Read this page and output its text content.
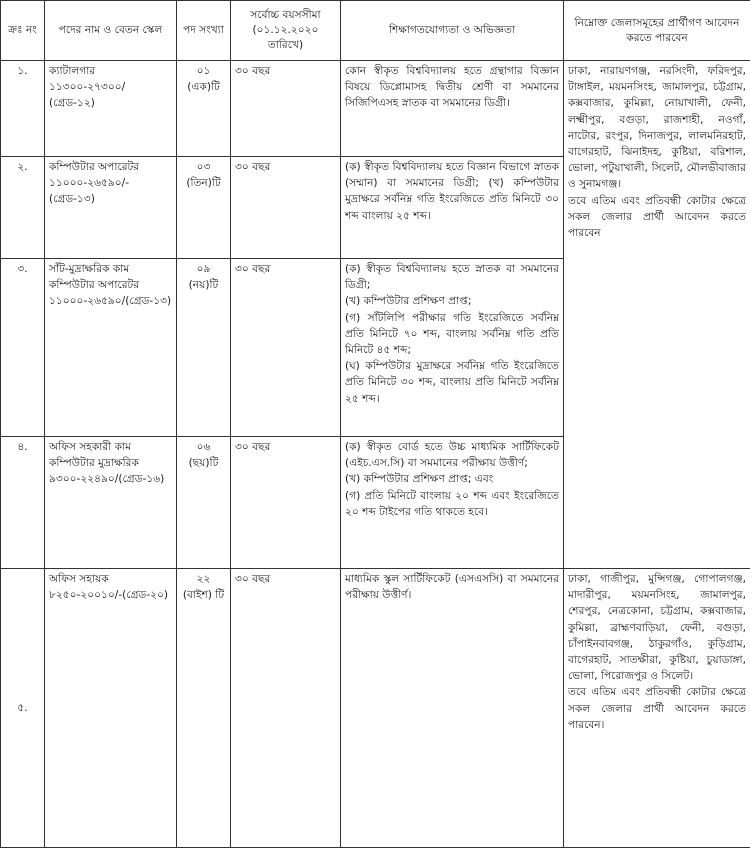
ক্রঃ নং	পদের নাম ও বেতন স্কেল	পদ সংখ্যা	সর্বোচ্চ বয়সসীমা (০১.১২.২০২০ তারিখে)	শিক্ষাগতযোগ্যতা ও অভিজ্ঞতা	নিম্নোক্ত জেলাসমূহের প্রার্থীগণ আবেদন করতে পারবেন
১.	ক্যাটালগার ১১৩০০-২৭৩০০/ (গ্রেড-১২)	০১ (এক)টি	৩০ বছর	কোন স্বীকৃত বিশ্ববিদ্যালয় হতে গ্রন্থাগার বিজ্ঞান বিষয়ে ডিপ্লোমাসহ দ্বিতীয় শ্রেণী বা সমমানের সিজিপিএসহ স্নাতক বা সমমানের ডিগ্রী।	ঢাকা, নারায়ণগঞ্জ, নরসিংদী, ফরিদপুর, টাঙ্গাইল, ময়মনসিংহ, জামালপুর, চট্টগ্রাম, কক্সবাজার, কুমিল্লা, নোয়াখালী, ফেনী, লক্ষ্মীপুর, বগুড়া, রাজশাহী, নওগাঁ, নাটোর, রংপুর, দিনাজপুর, লালমনিরহাট, বাগেরহাট, ঝিনাইদহ, কুষ্টিয়া, বরিশাল, ভোলা, পটুয়াখালী, সিলেট, মৌলভীবাজার ও সুনামগঞ্জ।
তবে এতিম এবং প্রতিবন্ধী কোটার ক্ষেত্রে সকল জেলার প্রার্থী আবেদন করতে পারবেন

২.	কম্পিউটার অপারেটর ১১০০০-২৬৫৯০/-(গ্রেড-১৩)	০৩ (তিন)টি	৩০ বছর	(ক) স্বীকৃত বিশ্ববিদ্যালয় হতে বিজ্ঞান বিভাগে স্নাতক (সম্মান) বা সমমানের ডিগ্রী; (খ) কম্পিউটার মুদ্রাক্ষরে সর্বনিম্ন গতি ইংরেজিতে প্রতি মিনিটে ৩০ শব্দ বাংলায় ২৫ শব্দ।	

৩.	সাঁট-মুদ্রাক্ষরিক কাম কম্পিউটার অপারেটর ১১০০০-২৬৫৯০/(গ্রেড-১৩)	০৯ (নয়)টি	৩০ বছর	(ক) স্বীকৃত বিশ্ববিদ্যালয় হতে স্নাতক বা সমমানের ডিগ্রী;
(খ) কম্পিউটার প্রশিক্ষণ প্রাপ্ত;
(গ) সাঁটলিপি পরীক্ষার গতি ইংরেজিতে সর্বনিম্ন প্রতি মিনিটে ৭০ শব্দ, বাংলায় সর্বনিম্ন গতি প্রতি মিনিটে ৪৫ শব্দ;
(ঘ) কম্পিউটার মুদ্রাক্ষরে সর্বনিম্ন গতি ইংরেজিতে প্রতি মিনিটে ৩০ শব্দ, বাংলায় প্রতি মিনিটে সর্বনিম্ন ২৫ শব্দ।	

৪.	অফিস সহকারী কাম কম্পিউটার মুদ্রাক্ষরিক ৯৩০০-২২৪৯০/(গ্রেড-১৬)	০৬ (ছয়)টি	৩০ বছর	(ক) স্বীকৃত বোর্ড হতে উচ্চ মাধ্যমিক সার্টিফিকেট (এইচ.এস.সি) বা সমমানের পরীক্ষায় উত্তীর্ণ;
(খ) কম্পিউটার প্রশিক্ষণ প্রাপ্ত; এবং
(গ) প্রতি মিনিটে বাংলায় ২০ শব্দ এবং ইংরেজিতে ২০ শব্দ টাইপের গতি থাকতে হবে।	

৫.	অফিস সহায়ক ৮২৫০-২০০১০/-(গ্রেড-২০)	২২ (বাইশ) টি	৩০ বছর	মাধ্যমিক স্কুল সার্টিফিকেট (এসএসসি) বা সমমানের পরীক্ষায় উত্তীর্ণ।	ঢাকা, গাজীপুর, মুন্সিগঞ্জ, গোপালগঞ্জ, মাদারীপুর, ময়মনসিংহ, জামালপুর, শেরপুর, নেত্রকোনা, চট্টগ্রাম, কক্সবাজার, কুমিল্লা, ব্রাহ্মণবাড়িয়া, ফেনী, বগুড়া, চাঁপাইনবাবগঞ্জ, ঠাকুরগাঁও, কুড়িগ্রাম, বাগেরহাট, সাতক্ষীরা, কুষ্টিয়া, চুয়াডাঙ্গা, ভোলা, পিরোজপুর ও সিলেট।
তবে এতিম এবং প্রতিবন্ধী কোটার ক্ষেত্রে সকল জেলার প্রার্থী আবেদন করতে পারবেন।
